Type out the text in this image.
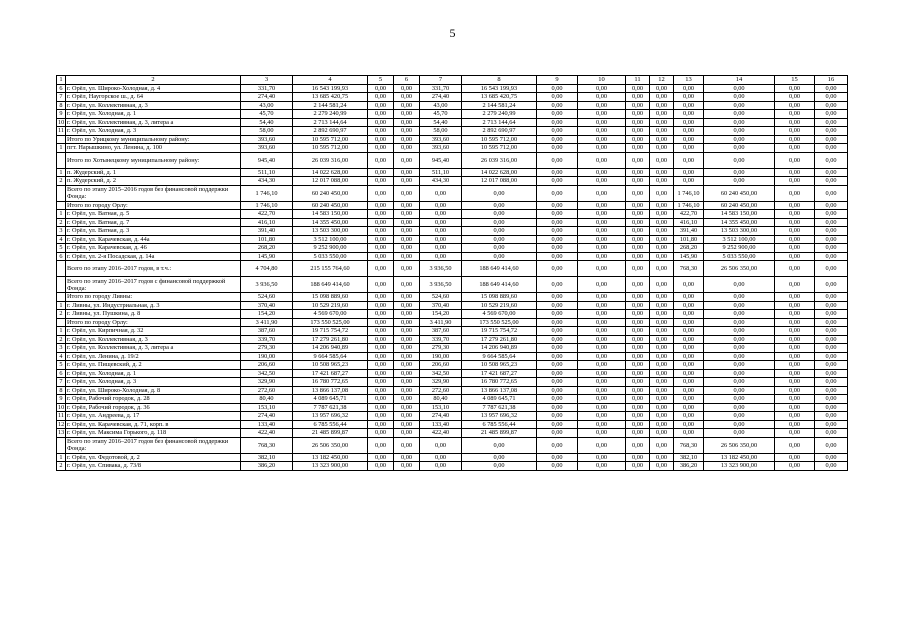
5
1	2	3	4	5	6	7	8	9	10	11	12	13	14	15	16
6	г. Орёл, ул. Широко-Холодная, д. 4	331,70	16 543 199,93	0,00	0,00	331,70	16 543 199,93	0,00	0,00	0,00	0,00	0,00	0,00	0,00	0,00
7	г. Орёл, Наугорское ш., д. 64	274,40	13 685 420,75	0,00	0,00	274,40	13 685 420,75	0,00	0,00	0,00	0,00	0,00	0,00	0,00	0,00
8	г. Орёл, ул. Коллективная, д. 3	43,00	2 144 581,24	0,00	0,00	43,00	2 144 581,24	0,00	0,00	0,00	0,00	0,00	0,00	0,00	0,00
9	г. Орёл, ул. Холодная, д. 1	45,70	2 279 240,99	0,00	0,00	45,70	2 279 240,99	0,00	0,00	0,00	0,00	0,00	0,00	0,00	0,00
10	г. Орёл, ул. Коллективная, д. 3, литера а	54,40	2 713 144,64	0,00	0,00	54,40	2 713 144,64	0,00	0,00	0,00	0,00	0,00	0,00	0,00	0,00
11	г. Орёл, ул. Холодная, д. 3	58,00	2 892 690,97	0,00	0,00	58,00	2 892 690,97	0,00	0,00	0,00	0,00	0,00	0,00	0,00	0,00
	Итого по Урицкому муниципальному району:	393,60	10 595 712,00	0,00	0,00	393,60	10 595 712,00	0,00	0,00	0,00	0,00	0,00	0,00	0,00	0,00
1	пгт. Нарышкино, ул. Ленина, д. 100	393,60	10 595 712,00	0,00	0,00	393,60	10 595 712,00	0,00	0,00	0,00	0,00	0,00	0,00	0,00	0,00
	Итого по Хотынецкому муниципальному району:	945,40	26 039 316,00	0,00	0,00	945,40	26 039 316,00	0,00	0,00	0,00	0,00	0,00	0,00	0,00	0,00
1	п. Жудерский, д. 1	511,10	14 022 628,00	0,00	0,00	511,10	14 022 628,00	0,00	0,00	0,00	0,00	0,00	0,00	0,00	0,00
2	п. Жудерский, д. 2	434,30	12 017 088,00	0,00	0,00	434,30	12 017 088,00	0,00	0,00	0,00	0,00	0,00	0,00	0,00	0,00
	Всего по этапу 2015–2016 годов без финансовой поддержки Фонда:	1 746,10	60 240 450,00	0,00	0,00	0,00	0,00	0,00	0,00	0,00	0,00	1 746,10	60 240 450,00	0,00	0,00
	Итого по городу Орлу:	1 746,10	60 240 450,00	0,00	0,00	0,00	0,00	0,00	0,00	0,00	0,00	1 746,10	60 240 450,00	0,00	0,00
1	г. Орёл, ул. Ватная, д. 5	422,70	14 583 150,00	0,00	0,00	0,00	0,00	0,00	0,00	0,00	0,00	422,70	14 583 150,00	0,00	0,00
2	г. Орёл, ул. Ватная, д. 7	416,10	14 355 450,00	0,00	0,00	0,00	0,00	0,00	0,00	0,00	0,00	416,10	14 355 450,00	0,00	0,00
3	г. Орёл, ул. Ватная, д. 3	391,40	13 503 300,00	0,00	0,00	0,00	0,00	0,00	0,00	0,00	0,00	391,40	13 503 300,00	0,00	0,00
4	г. Орёл, ул. Карачевская, д. 44а	101,80	3 512 100,00	0,00	0,00	0,00	0,00	0,00	0,00	0,00	0,00	101,80	3 512 100,00	0,00	0,00
5	г. Орёл, ул. Карачевская, д. 46	268,20	9 252 900,00	0,00	0,00	0,00	0,00	0,00	0,00	0,00	0,00	268,20	9 252 900,00	0,00	0,00
6	г. Орёл, ул. 2-я Посадская, д. 14а	145,90	5 033 550,00	0,00	0,00	0,00	0,00	0,00	0,00	0,00	0,00	145,90	5 033 550,00	0,00	0,00
	Всего по этапу 2016–2017 годов, в т.ч.:	4 704,80	215 155 764,60	0,00	0,00	3 936,50	188 649 414,60	0,00	0,00	0,00	0,00	768,30	26 506 350,00	0,00	0,00
	Всего по этапу 2016–2017 годов с финансовой поддержкой Фонда:	3 936,50	188 649 414,60	0,00	0,00	3 936,50	188 649 414,60	0,00	0,00	0,00	0,00	0,00	0,00	0,00	0,00
	Итого по городу Ливны:	524,60	15 098 889,60	0,00	0,00	524,60	15 098 889,60	0,00	0,00	0,00	0,00	0,00	0,00	0,00	0,00
1	г. Ливны, ул. Индустриальная, д. 3	370,40	10 529 219,60	0,00	0,00	370,40	10 529 219,60	0,00	0,00	0,00	0,00	0,00	0,00	0,00	0,00
2	г. Ливны, ул. Пушкина, д. 8	154,20	4 569 670,00	0,00	0,00	154,20	4 569 670,00	0,00	0,00	0,00	0,00	0,00	0,00	0,00	0,00
	Итого по городу Орлу:	3 411,90	173 550 525,00	0,00	0,00	3 411,90	173 550 525,00	0,00	0,00	0,00	0,00	0,00	0,00	0,00	0,00
1	г. Орёл, ул. Кирпичная, д. 32	387,60	19 715 754,72	0,00	0,00	387,60	19 715 754,72	0,00	0,00	0,00	0,00	0,00	0,00	0,00	0,00
2	г. Орёл, ул. Коллективная, д. 3	339,70	17 279 261,80	0,00	0,00	339,70	17 279 261,80	0,00	0,00	0,00	0,00	0,00	0,00	0,00	0,00
3	г. Орёл, ул. Коллективная, д. 3, литера а	279,30	14 206 940,89	0,00	0,00	279,30	14 206 940,89	0,00	0,00	0,00	0,00	0,00	0,00	0,00	0,00
4	г. Орёл, ул. Ленина, д. 19/2	190,00	9 664 585,64	0,00	0,00	190,00	9 664 585,64	0,00	0,00	0,00	0,00	0,00	0,00	0,00	0,00
5	г. Орёл, ул. Пищевский, д. 2	206,60	10 508 965,23	0,00	0,00	206,60	10 508 965,23	0,00	0,00	0,00	0,00	0,00	0,00	0,00	0,00
6	г. Орёл, ул. Холодная, д. 1	342,50	17 421 687,27	0,00	0,00	342,50	17 421 687,27	0,00	0,00	0,00	0,00	0,00	0,00	0,00	0,00
7	г. Орёл, ул. Холодная, д. 3	329,90	16 780 772,65	0,00	0,00	329,90	16 780 772,65	0,00	0,00	0,00	0,00	0,00	0,00	0,00	0,00
8	г. Орёл, ул. Широко-Холодная, д. 8	272,60	13 866 137,08	0,00	0,00	272,60	13 866 137,08	0,00	0,00	0,00	0,00	0,00	0,00	0,00	0,00
9	г. Орёл, Рабочий городок, д. 28	80,40	4 089 645,71	0,00	0,00	80,40	4 089 645,71	0,00	0,00	0,00	0,00	0,00	0,00	0,00	0,00
10	г. Орёл, Рабочий городок, д. 36	153,10	7 787 621,38	0,00	0,00	153,10	7 787 621,38	0,00	0,00	0,00	0,00	0,00	0,00	0,00	0,00
11	г. Орёл, ул. Андреева, д. 17	274,40	13 957 696,32	0,00	0,00	274,40	13 957 696,32	0,00	0,00	0,00	0,00	0,00	0,00	0,00	0,00
12	г. Орёл, ул. Карачевская, д. 71, корп. в	133,40	6 785 556,44	0,00	0,00	133,40	6 785 556,44	0,00	0,00	0,00	0,00	0,00	0,00	0,00	0,00
13	г. Орёл, ул. Максима Горького, д. 118	422,40	21 485 899,87	0,00	0,00	422,40	21 485 899,87	0,00	0,00	0,00	0,00	0,00	0,00	0,00	0,00
	Всего по этапу 2016–2017 годов без финансовой поддержки Фонда:	768,30	26 506 350,00	0,00	0,00	0,00	0,00	0,00	0,00	0,00	0,00	768,30	26 506 350,00	0,00	0,00
1	г. Орёл, ул. Федотовой, д. 2	382,10	13 182 450,00	0,00	0,00	0,00	0,00	0,00	0,00	0,00	0,00	382,10	13 182 450,00	0,00	0,00
2	г. Орёл, ул. Спивака, д. 73/8	386,20	13 323 900,00	0,00	0,00	0,00	0,00	0,00	0,00	0,00	0,00	386,20	13 323 900,00	0,00	0,00
